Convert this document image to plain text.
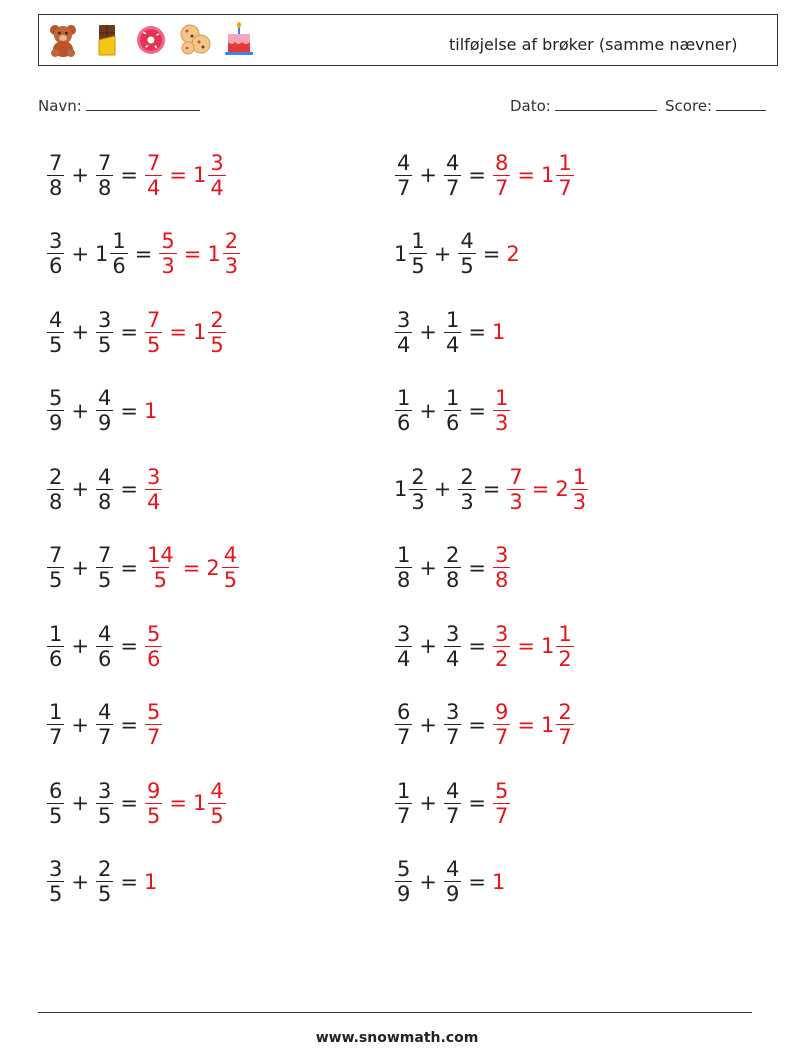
tilføjelse af brøker (samme nævner)
Navn:	Dato:	Score:
$\frac{7}{8} + \frac{7}{8} = \frac{7}{4} = 1 \frac{3}{4}$	$\frac{4}{7} + \frac{4}{7} = \frac{8}{7} = 1 \frac{1}{7}$
$\frac{3}{6} + 1 \frac{1}{6} = \frac{5}{3} = 1 \frac{2}{3}$	$1 \frac{1}{5} + \frac{4}{5} = 2$
$\frac{4}{5} + \frac{3}{5} = \frac{7}{5} = 1 \frac{2}{5}$	$\frac{3}{4} + \frac{1}{4} = 1$
$\frac{5}{9} + \frac{4}{9} = 1$	$\frac{1}{6} + \frac{1}{6} = \frac{1}{3}$
$\frac{2}{8} + \frac{4}{8} = \frac{3}{4}$	$1 \frac{2}{3} + \frac{2}{3} = \frac{7}{3} = 2 \frac{1}{3}$
$\frac{7}{5} + \frac{7}{5} = \frac{14}{5} = 2 \frac{4}{5}$	$\frac{1}{8} + \frac{2}{8} = \frac{3}{8}$
$\frac{1}{6} + \frac{4}{6} = \frac{5}{6}$	$\frac{3}{4} + \frac{3}{4} = \frac{3}{2} = 1 \frac{1}{2}$
$\frac{1}{7} + \frac{4}{7} = \frac{5}{7}$	$\frac{6}{7} + \frac{3}{7} = \frac{9}{7} = 1 \frac{2}{7}$
$\frac{6}{5} + \frac{3}{5} = \frac{9}{5} = 1 \frac{4}{5}$	$\frac{1}{7} + \frac{4}{7} = \frac{5}{7}$
$\frac{3}{5} + \frac{2}{5} = 1$	$\frac{5}{9} + \frac{4}{9} = 1$
www.snowmath.com
